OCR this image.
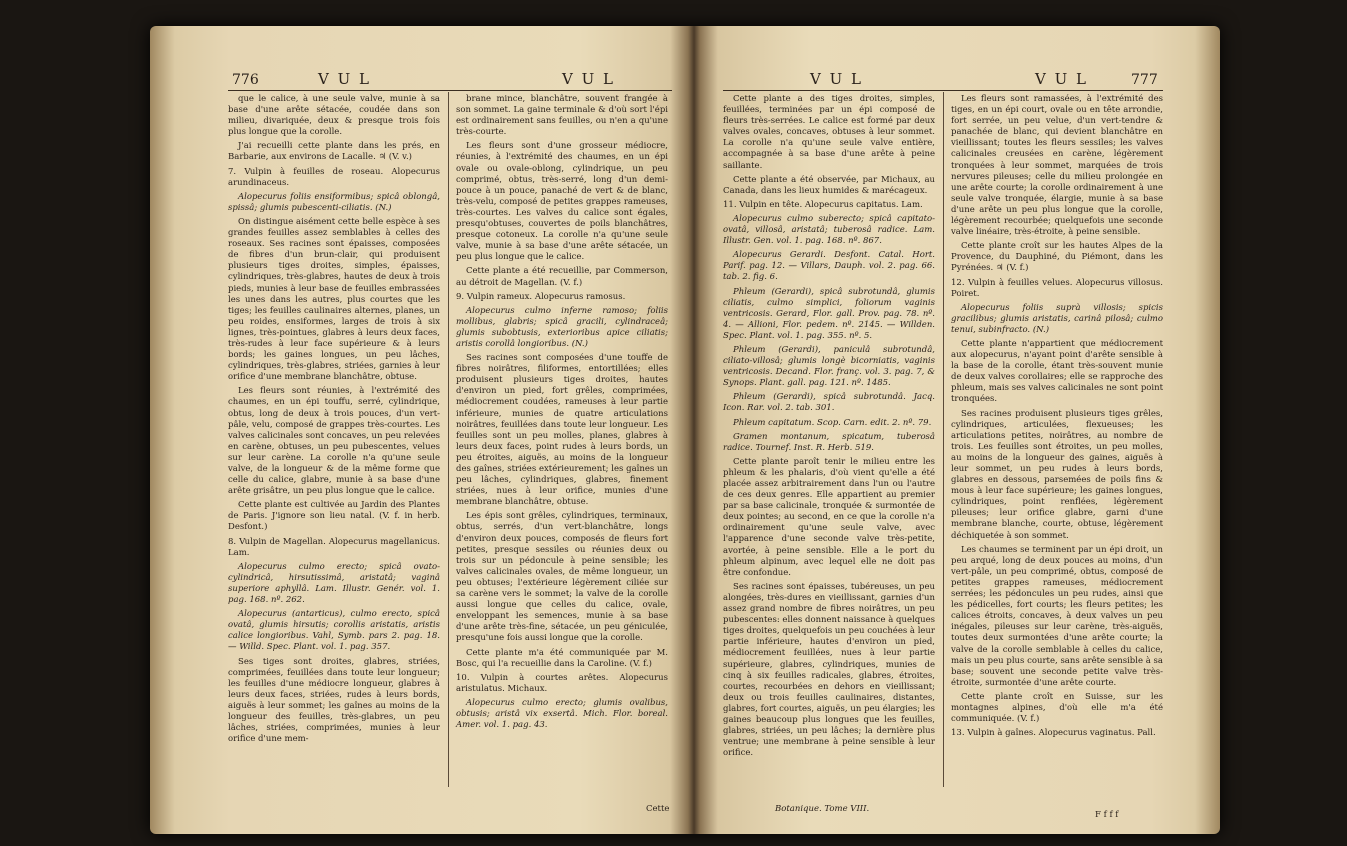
776	V U L	V U L

que le calice, à une seule valve, munie à sa base d'une arête sétacée, coudée dans son milieu, divariquée, deux & presque trois fois plus longue que la corolle.

J'ai recueilli cette plante dans les prés, en Barbarie, aux environs de Lacalle. ♃ (V. v.)

7. Vulpin à feuilles de roseau. Alopecurus arundinaceus.

Alopecurus foliis ensiformibus; spicâ oblongâ, spissâ; glumis pubescenti-ciliatis. (N.)

On distingue aisément cette belle espèce à ses grandes feuilles assez semblables à celles des roseaux. Ses racines sont épaisses, composées de fibres d'un brun-clair, qui produisent plusieurs tiges droites, simples, épaisses, cylindriques, très-glabres, hautes de deux à trois pieds, munies à leur base de feuilles embrassées les unes dans les autres, plus courtes que les tiges; les feuilles caulinaires alternes, planes, un peu roides, ensiformes, larges de trois à six lignes, très-pointues, glabres à leurs deux faces, très-rudes à leur face supérieure & à leurs bords; les gaines longues, un peu lâches, cylindriques, très-glabres, striées, garnies à leur orifice d'une membrane blanchâtre, obtuse.

Les fleurs sont réunies, à l'extrémité des chaumes, en un épi touffu, serré, cylindrique, obtus, long de deux à trois pouces, d'un vert-pâle, velu, composé de grappes très-courtes. Les valves calicinales sont concaves, un peu relevées en carène, obtuses, un peu pubescentes, velues sur leur carène. La corolle n'a qu'une seule valve, de la longueur & de la même forme que celle du calice, glabre, munie à sa base d'une arête grisâtre, un peu plus longue que le calice.

Cette plante est cultivée au Jardin des Plantes de Paris. J'ignore son lieu natal. (V. f. in herb. Desfont.)

8. Vulpin de Magellan. Alopecurus magellanicus. Lam.

Alopecurus culmo erecto; spicâ ovato-cylindricâ, hirsutissimâ, aristatâ; vaginâ superiore aphyllâ. Lam. Illustr. Genér. vol. 1. pag. 168. nº. 262.

Alopecurus (antarticus), culmo erecto, spicâ ovatâ, glumis hirsutis; corollis aristatis, aristis calice longioribus. Vahl, Symb. pars 2. pag. 18. — Willd. Spec. Plant. vol. 1. pag. 357.

Ses tiges sont droites, glabres, striées, comprimées, feuillées dans toute leur longueur; les feuilles d'une médiocre longueur, glabres à leurs deux faces, striées, rudes à leurs bords, aiguës à leur sommet; les gaînes au moins de la longueur des feuilles, très-glabres, un peu lâches, striées, comprimées, munies à leur orifice d'une mem-

brane mince, blanchâtre, souvent frangée à son sommet. La gaine terminale & d'où sort l'épi est ordinairement sans feuilles, ou n'en a qu'une très-courte.

Les fleurs sont d'une grosseur médiocre, réunies, à l'extrémité des chaumes, en un épi ovale ou ovale-oblong, cylindrique, un peu comprimé, obtus, très-serré, long d'un demi-pouce à un pouce, panaché de vert & de blanc, très-velu, composé de petites grappes rameuses, très-courtes. Les valves du calice sont égales, presqu'obtuses, couvertes de poils blanchâtres, presque cotoneux. La corolle n'a qu'une seule valve, munie à sa base d'une arête sétacée, un peu plus longue que le calice.

Cette plante a été recueillie, par Commerson, au détroit de Magellan. (V. f.)

9. Vulpin rameux. Alopecurus ramosus.

Alopecurus culmo inferne ramoso; foliis mollibus, glabris; spicâ gracili, cylindraceâ; glumis subobtusis, exterioribus apice ciliatis; aristis corollâ longioribus. (N.)

Ses racines sont composées d'une touffe de fibres noirâtres, filiformes, entortillées; elles produisent plusieurs tiges droites, hautes d'environ un pied, fort grêles, comprimées, médiocrement coudées, rameuses à leur partie inférieure, munies de quatre articulations noirâtres, feuillées dans toute leur longueur. Les feuilles sont un peu molles, planes, glabres à leurs deux faces, point rudes à leurs bords, un peu étroites, aiguës, au moins de la longueur des gaînes, striées extérieurement; les gaînes un peu lâches, cylindriques, glabres, finement striées, nues à leur orifice, munies d'une membrane blanchâtre, obtuse.

Les épis sont grêles, cylindriques, terminaux, obtus, serrés, d'un vert-blanchâtre, longs d'environ deux pouces, composés de fleurs fort petites, presque sessiles ou réunies deux ou trois sur un pédoncule à peine sensible; les valves calicinales ovales, de même longueur, un peu obtuses; l'extérieure légèrement ciliée sur sa carène vers le sommet; la valve de la corolle aussi longue que celles du calice, ovale, enveloppant les semences, munie à sa base d'une arête très-fine, sétacée, un peu géniculée, presqu'une fois aussi longue que la corolle.

Cette plante m'a été communiquée par M. Bosc, qui l'a recueillie dans la Caroline. (V. f.)

10. Vulpin à courtes arêtes. Alopecurus aristulatus. Michaux.

Alopecurus culmo erecto; glumis ovalibus, obtusis; aristâ vix exsertâ. Mich. Flor. boreal. Amer. vol. 1. pag. 43.

Cette
V U L	V U L	777

Cette plante a des tiges droites, simples, feuillées, terminées par un épi composé de fleurs très-serrées. Le calice est formé par deux valves ovales, concaves, obtuses à leur sommet. La corolle n'a qu'une seule valve entière, accompagnée à sa base d'une arête à peine saillante.

Cette plante a été observée, par Michaux, au Canada, dans les lieux humides & marécageux.

11. Vulpin en tête. Alopecurus capitatus. Lam.

Alopecurus culmo suberecto; spicâ capitato-ovatâ, villosâ, aristatâ; tuberosâ radice. Lam. Illustr. Gen. vol. 1. pag. 168. nº. 867.

Alopecurus Gerardi. Desfont. Catal. Hort. Parif. pag. 12. — Villars, Dauph. vol. 2. pag. 66. tab. 2. fig. 6.

Phleum (Gerardi), spicâ subrotundâ, glumis ciliatis, culmo simplici, foliorum vaginis ventricosis. Gerard, Flor. gall. Prov. pag. 78. nº. 4. — Allioni, Flor. pedem. nº. 2145. — Willden. Spec. Plant. vol. 1. pag. 355. nº. 5.

Phleum (Gerardi), paniculâ subrotundâ, ciliato-villosâ; glumis longè bicorniatis, vaginis ventricosis. Decand. Flor. franç. vol. 3. pag. 7, & Synops. Plant. gall. pag. 121. nº. 1485.

Phleum (Gerardi), spicâ subrotundâ. Jacq. Icon. Rar. vol. 2. tab. 301.

Phleum capitatum. Scop. Carn. edit. 2. nº. 79.

Gramen montanum, spicatum, tuberosâ radice. Tournef. Inst. R. Herb. 519.

Cette plante paroît tenir le milieu entre les phleum & les phalaris, d'où vient qu'elle a été placée assez arbitrairement dans l'un ou l'autre de ces deux genres. Elle appartient au premier par sa base calicinale, tronquée & surmontée de deux pointes; au second, en ce que la corolle n'a ordinairement qu'une seule valve, avec l'apparence d'une seconde valve très-petite, avortée, à peine sensible. Elle a le port du phleum alpinum, avec lequel elle ne doit pas être confondue.

Ses racines sont épaisses, tubéreuses, un peu alongées, très-dures en vieillissant, garnies d'un assez grand nombre de fibres noirâtres, un peu pubescentes: elles donnent naissance à quelques tiges droites, quelquefois un peu couchées à leur partie inférieure, hautes d'environ un pied, médiocrement feuillées, nues à leur partie supérieure, glabres, cylindriques, munies de cinq à six feuilles radicales, glabres, étroites, courtes, recourbées en dehors en vieillissant; deux ou trois feuilles caulinaires, distantes, glabres, fort courtes, aiguës, un peu élargies; les gaines beaucoup plus longues que les feuilles, glabres, striées, un peu lâches; la dernière plus ventrue; une membrane à peine sensible à leur orifice.

Les fleurs sont ramassées, à l'extrémité des tiges, en un épi court, ovale ou en tête arrondie, fort serrée, un peu velue, d'un vert-tendre & panachée de blanc, qui devient blanchâtre en vieillissant; toutes les fleurs sessiles; les valves calicinales creusées en carène, légèrement tronquées à leur sommet, marquées de trois nervures pileuses; celle du milieu prolongée en une arête courte; la corolle ordinairement à une seule valve tronquée, élargie, munie à sa base d'une arête un peu plus longue que la corolle, légèrement recourbée; quelquefois une seconde valve linéaire, très-étroite, à peine sensible.

Cette plante croît sur les hautes Alpes de la Provence, du Dauphiné, du Piémont, dans les Pyrénées. ♃ (V. f.)

12. Vulpin à feuilles velues. Alopecurus villosus. Poiret.

Alopecurus foliis suprà villosis; spicis gracilibus; glumis aristatis, carinâ pilosâ; culmo tenui, subinfracto. (N.)

Cette plante n'appartient que médiocrement aux alopecurus, n'ayant point d'arête sensible à la base de la corolle, étant très-souvent munie de deux valves corollaires; elle se rapproche des phleum, mais ses valves calicinales ne sont point tronquées.

Ses racines produisent plusieurs tiges grêles, cylindriques, articulées, flexueuses; les articulations petites, noirâtres, au nombre de trois. Les feuilles sont étroites, un peu molles, au moins de la longueur des gaines, aiguës à leur sommet, un peu rudes à leurs bords, glabres en dessous, parsemées de poils fins & mous à leur face supérieure; les gaines longues, cylindriques, point renflées, légèrement pileuses; leur orifice glabre, garni d'une membrane blanche, courte, obtuse, légèrement déchiquetée à son sommet.

Les chaumes se terminent par un épi droit, un peu arqué, long de deux pouces au moins, d'un vert-pâle, un peu comprimé, obtus, composé de petites grappes rameuses, médiocrement serrées; les pédoncules un peu rudes, ainsi que les pédicelles, fort courts; les fleurs petites; les calices étroits, concaves, à deux valves un peu inégales, pileuses sur leur carène, très-aiguës, toutes deux surmontées d'une arête courte; la valve de la corolle semblable à celles du calice, mais un peu plus courte, sans arête sensible à sa base; souvent une seconde petite valve très-étroite, surmontée d'une arête courte.

Cette plante croît en Suisse, sur les montagnes alpines, d'où elle m'a été communiquée. (V. f.)

13. Vulpin à gaînes. Alopecurus vaginatus. Pall.

Botanique. Tome VIII.
F f f f
